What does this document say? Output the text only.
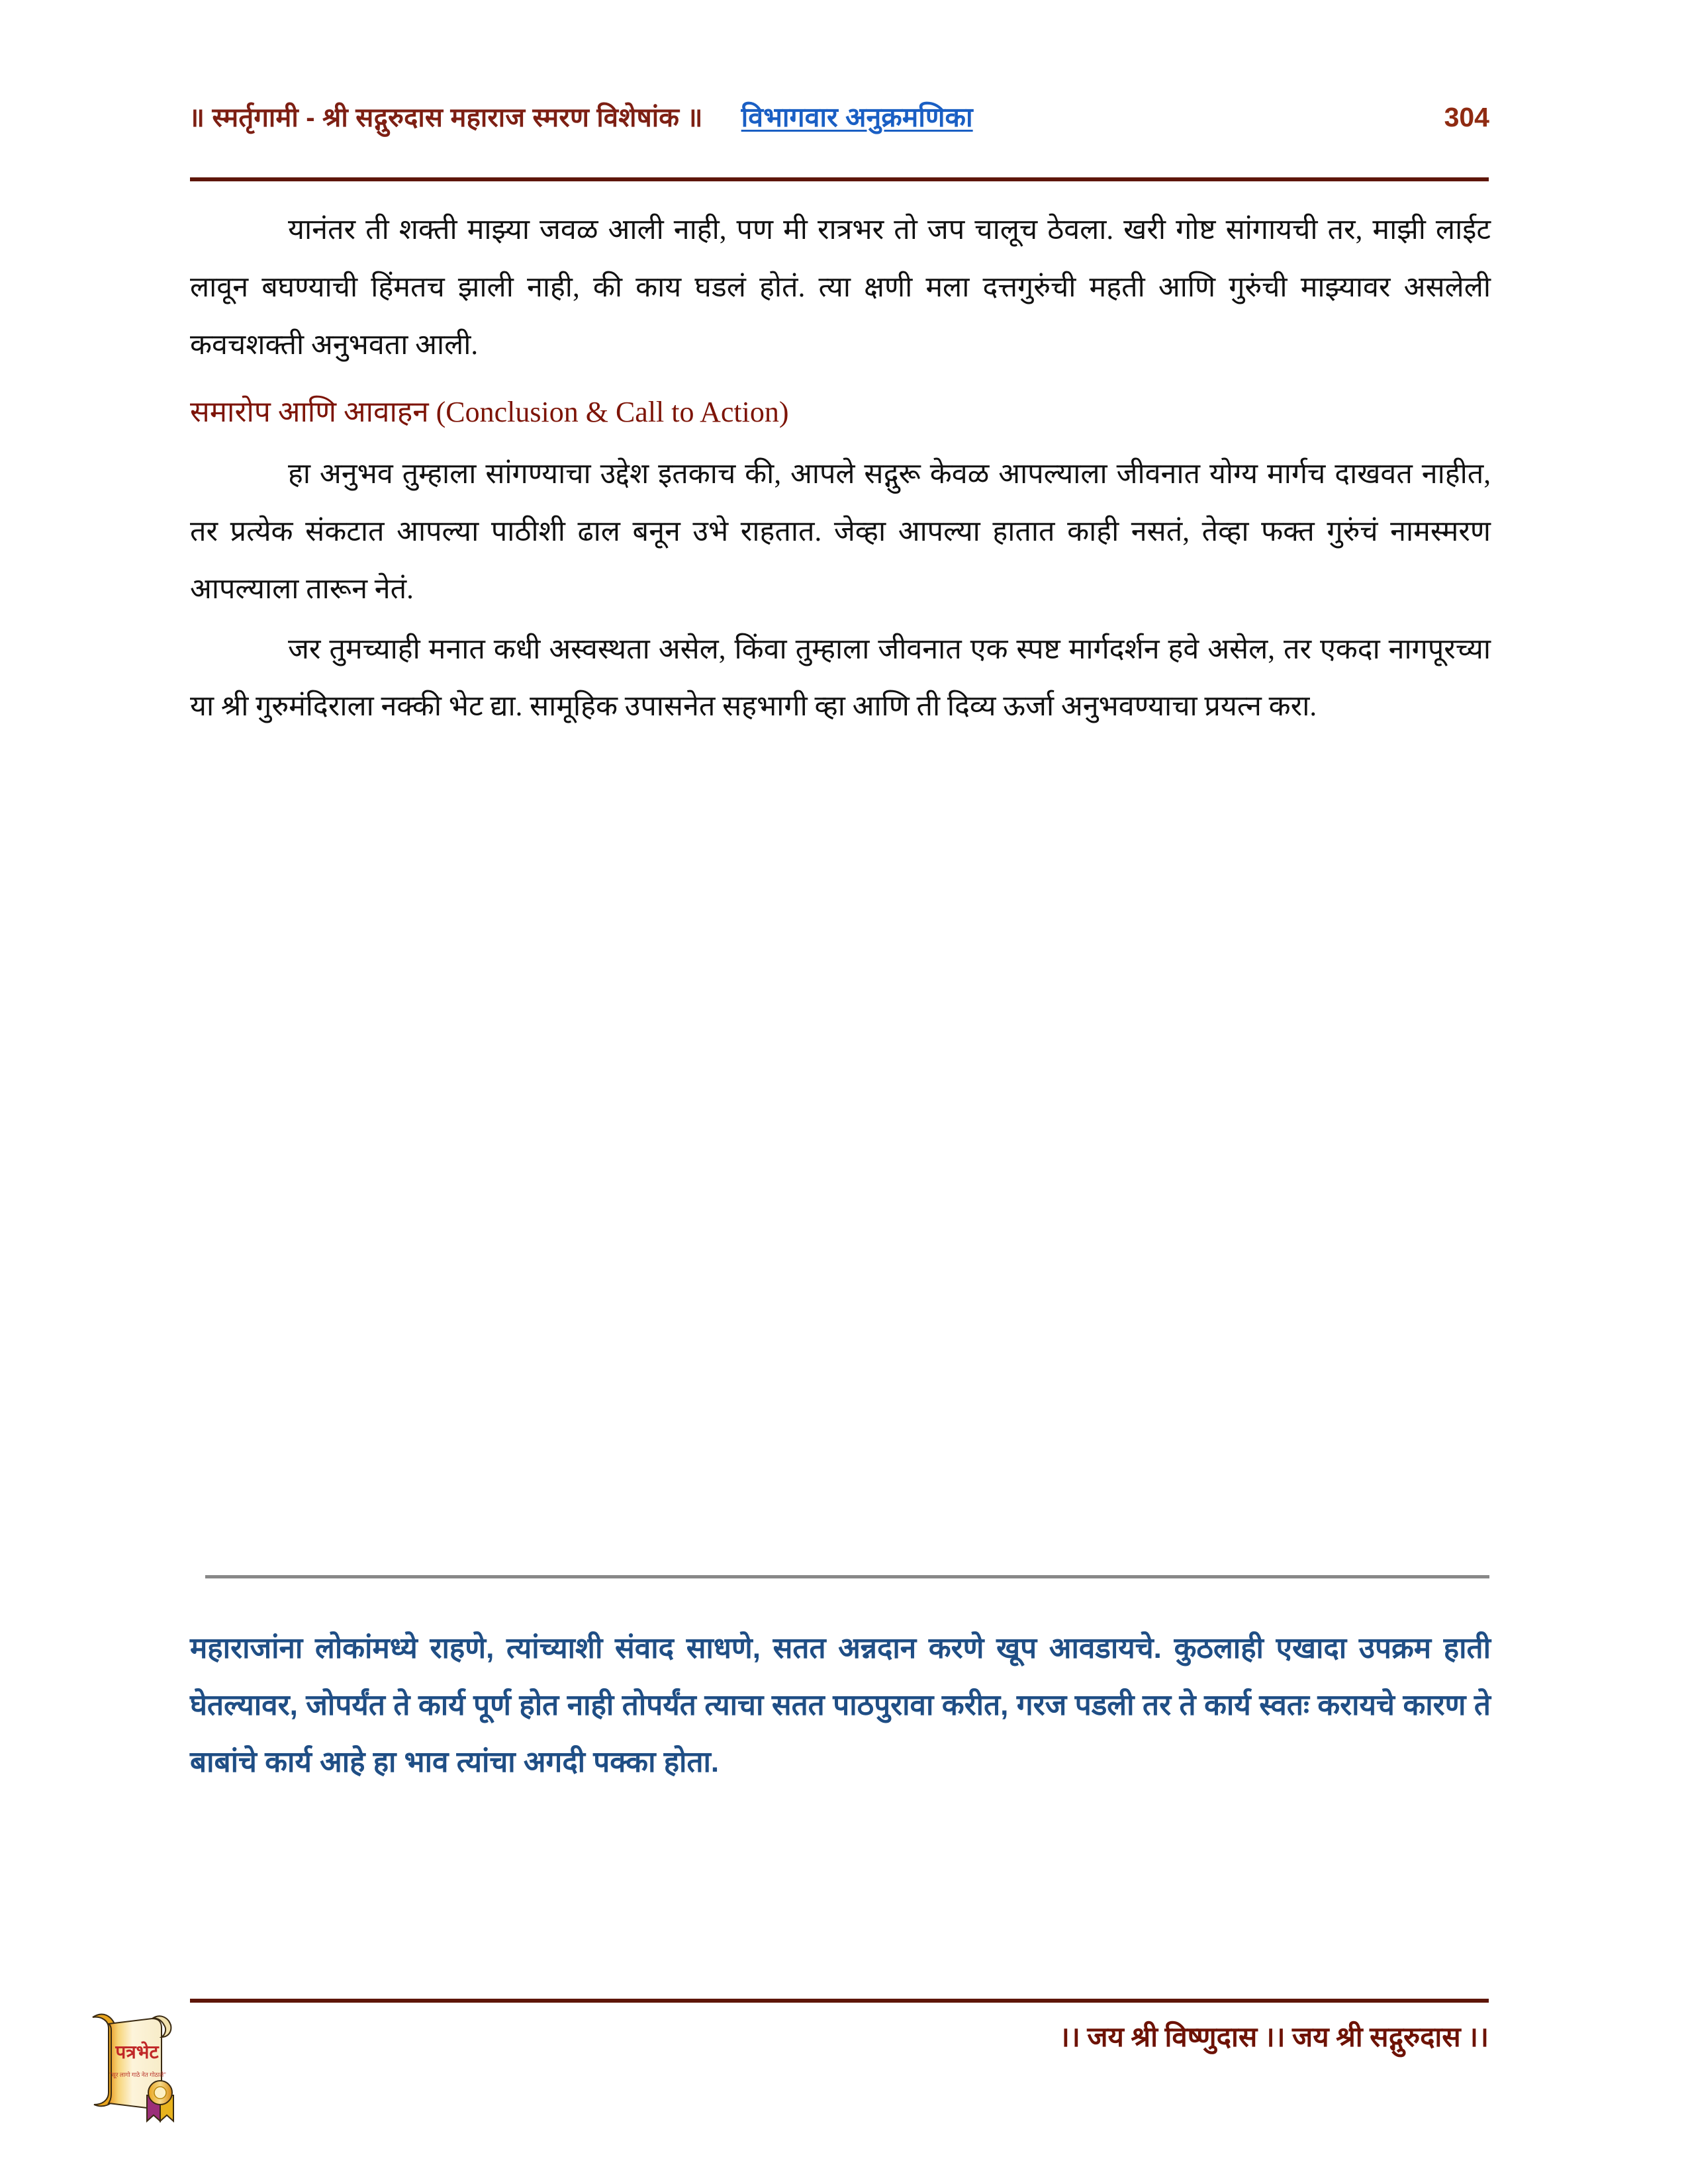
॥ स्मर्तृगामी - श्री सद्गुरुदास महाराज स्मरण विशेषांक ॥ विभागवार अनुक्रमणिका	304

यानंतर ती शक्ती माझ्या जवळ आली नाही, पण मी रात्रभर तो जप चालूच ठेवला. खरी गोष्ट सांगायची तर, माझी लाईट लावून बघण्याची हिंमतच झाली नाही, की काय घडलं होतं. त्या क्षणी मला दत्तगुरुंची महती आणि गुरुंची माझ्यावर असलेली कवचशक्ती अनुभवता आली.

समारोप आणि आवाहन (Conclusion & Call to Action)

हा अनुभव तुम्हाला सांगण्याचा उद्देश इतकाच की, आपले सद्गुरू केवळ आपल्याला जीवनात योग्य मार्गच दाखवत नाहीत, तर प्रत्येक संकटात आपल्या पाठीशी ढाल बनून उभे राहतात. जेव्हा आपल्या हातात काही नसतं, तेव्हा फक्त गुरुंचं नामस्मरण आपल्याला तारून नेतं.

जर तुमच्याही मनात कधी अस्वस्थता असेल, किंवा तुम्हाला जीवनात एक स्पष्ट मार्गदर्शन हवे असेल, तर एकदा नागपूरच्या या श्री गुरुमंदिराला नक्की भेट द्या. सामूहिक उपासनेत सहभागी व्हा आणि ती दिव्य ऊर्जा अनुभवण्याचा प्रयत्न करा.

महाराजांना लोकांमध्ये राहणे, त्यांच्याशी संवाद साधणे, सतत अन्नदान करणे खूप आवडायचे. कुठलाही एखादा उपक्रम हाती घेतल्यावर, जोपर्यंत ते कार्य पूर्ण होत नाही तोपर्यंत त्याचा सतत पाठपुरावा करीत, गरज पडली तर ते कार्य स्वतः करायचे कारण ते बाबांचे कार्य आहे हा भाव त्यांचा अगदी पक्का होता.

।। जय श्री विष्णुदास ।। जय श्री सद्गुरुदास ।।
पत्रभेट
"सूर लागो गाठे नेत गोठाले"
